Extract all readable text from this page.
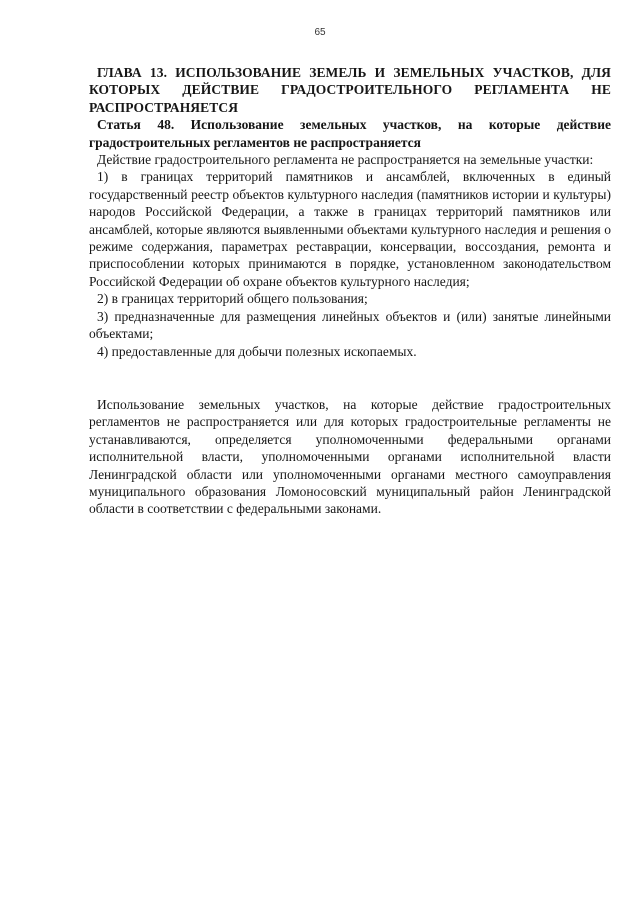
65

ГЛАВА 13. ИСПОЛЬЗОВАНИЕ ЗЕМЕЛЬ И ЗЕМЕЛЬНЫХ УЧАСТКОВ, ДЛЯ КОТОРЫХ ДЕЙСТВИЕ ГРАДОСТРОИТЕЛЬНОГО РЕГЛАМЕНТА НЕ РАСПРОСТРАНЯЕТСЯ

Статья 48. Использование земельных участков, на которые действие градостроительных регламентов не распространяется

Действие градостроительного регламента не распространяется на земельные участки:

1) в границах территорий памятников и ансамблей, включенных в единый государственный реестр объектов культурного наследия (памятников истории и культуры) народов Российской Федерации, а также в границах территорий памятников или ансамблей, которые являются выявленными объектами культурного наследия и решения о режиме содержания, параметрах реставрации, консервации, воссоздания, ремонта и приспособлении которых принимаются в порядке, установленном законодательством Российской Федерации об охране объектов культурного наследия;

2) в границах территорий общего пользования;

3) предназначенные для размещения линейных объектов и (или) занятые линейными объектами;

4) предоставленные для добычи полезных ископаемых.

Использование земельных участков, на которые действие градостроительных регламентов не распространяется или для которых градостроительные регламенты не устанавливаются, определяется уполномоченными федеральными органами исполнительной власти, уполномоченными органами исполнительной власти Ленинградской области или уполномоченными органами местного самоуправления муниципального образования Ломоносовский муниципальный район Ленинградской области в соответствии с федеральными законами.
